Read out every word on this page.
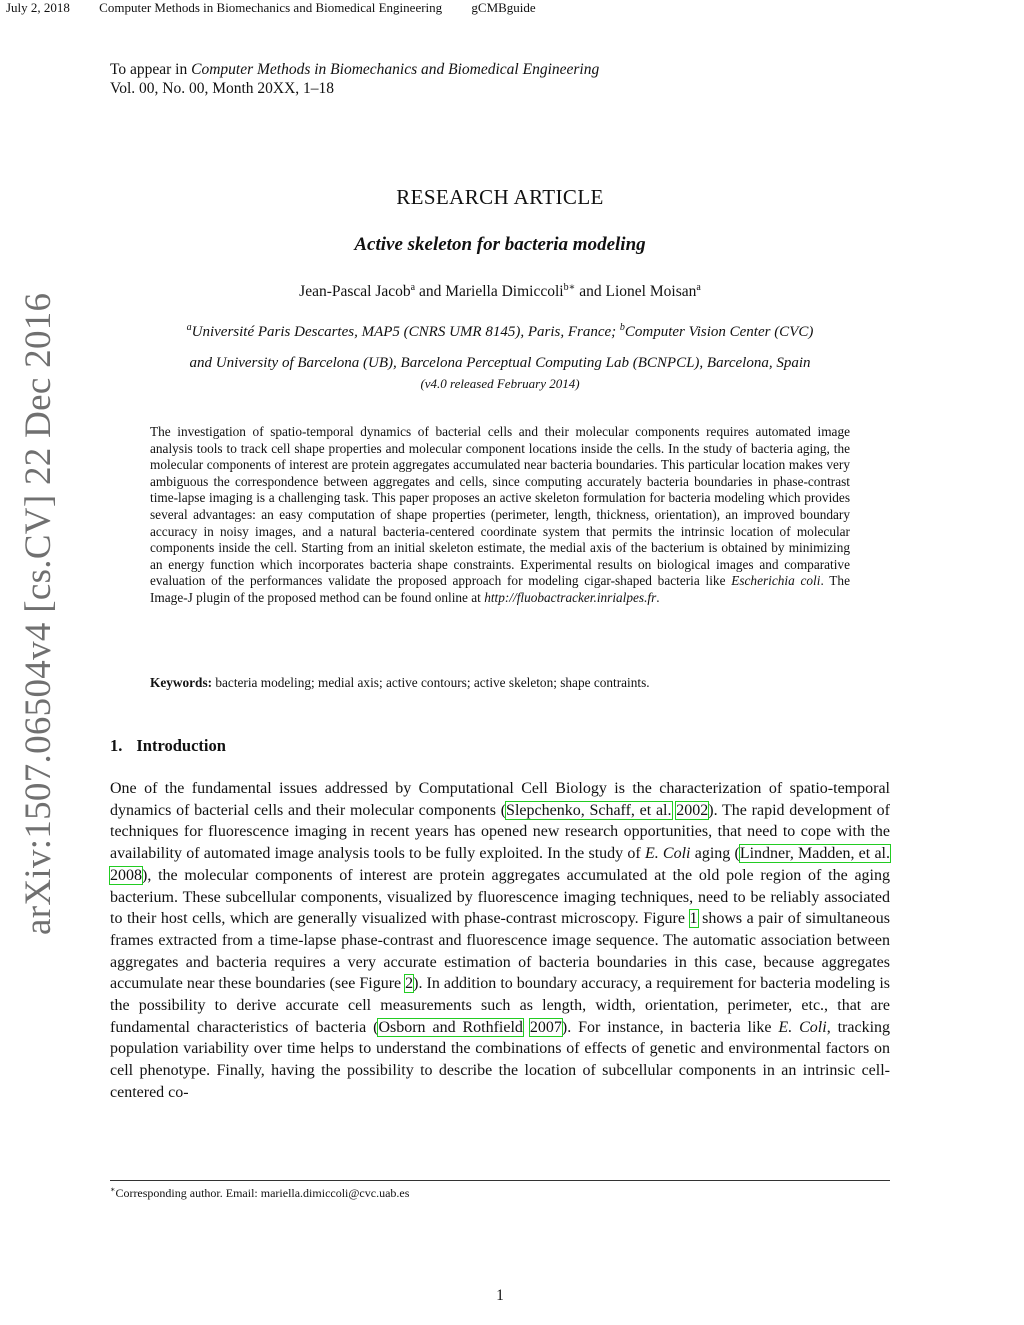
July 2, 2018 Computer Methods in Biomechanics and Biomedical Engineering gCMBguide
To appear in Computer Methods in Biomechanics and Biomedical Engineering
Vol. 00, No. 00, Month 20XX, 1–18
arXiv:1507.06504v4 [cs.CV] 22 Dec 2016
RESEARCH ARTICLE
Active skeleton for bacteria modeling
Jean-Pascal Jacob$^a$ and Mariella Dimiccoli$^{b∗}$ and Lionel Moisan$^a$
$^a$Université Paris Descartes, MAP5 (CNRS UMR 8145), Paris, France; $^b$Computer Vision Center (CVC)
and University of Barcelona (UB), Barcelona Perceptual Computing Lab (BCNPCL), Barcelona, Spain
(v4.0 released February 2014)
The investigation of spatio-temporal dynamics of bacterial cells and their molecular components requires automated image analysis tools to track cell shape properties and molecular component locations inside the cells. In the study of bacteria aging, the molecular components of interest are protein aggregates accumulated near bacteria boundaries. This particular location makes very ambiguous the correspondence between aggregates and cells, since computing accurately bacteria boundaries in phase-contrast time-lapse imaging is a challenging task. This paper proposes an active skeleton formulation for bacteria modeling which provides several advantages: an easy computation of shape properties (perimeter, length, thickness, orientation), an improved boundary accuracy in noisy images, and a natural bacteria-centered coordinate system that permits the intrinsic location of molecular components inside the cell. Starting from an initial skeleton estimate, the medial axis of the bacterium is obtained by minimizing an energy function which incorporates bacteria shape constraints. Experimental results on biological images and comparative evaluation of the performances validate the proposed approach for modeling cigar-shaped bacteria like Escherichia coli. The Image-J plugin of the proposed method can be found online at http://fluobactracker.inrialpes.fr.
Keywords: bacteria modeling; medial axis; active contours; active skeleton; shape contraints.
1. Introduction
One of the fundamental issues addressed by Computational Cell Biology is the characterization of spatio-temporal dynamics of bacterial cells and their molecular components (Slepchenko, Schaff, et al. 2002). The rapid development of techniques for fluorescence imaging in recent years has opened new research opportunities, that need to cope with the availability of automated image analysis tools to be fully exploited. In the study of E. Coli aging (Lindner, Madden, et al. 2008), the molecular components of interest are protein aggregates accumulated at the old pole region of the aging bacterium. These subcellular components, visualized by fluorescence imaging techniques, need to be reliably associated to their host cells, which are generally visualized with phase-contrast microscopy. Figure 1 shows a pair of simultaneous frames extracted from a time-lapse phase-contrast and fluorescence image sequence. The automatic association between aggregates and bacteria requires a very accurate estimation of bacteria boundaries in this case, because aggregates accumulate near these boundaries (see Figure 2). In addition to boundary accuracy, a requirement for bacteria modeling is the possibility to derive accurate cell measurements such as length, width, orientation, perimeter, etc., that are fundamental characteristics of bacteria (Osborn and Rothfield 2007). For instance, in bacteria like E. Coli, tracking population variability over time helps to understand the combinations of effects of genetic and environmental factors on cell phenotype. Finally, having the possibility to describe the location of subcellular components in an intrinsic cell-centered co-
∗Corresponding author. Email: mariella.dimiccoli@cvc.uab.es
1
